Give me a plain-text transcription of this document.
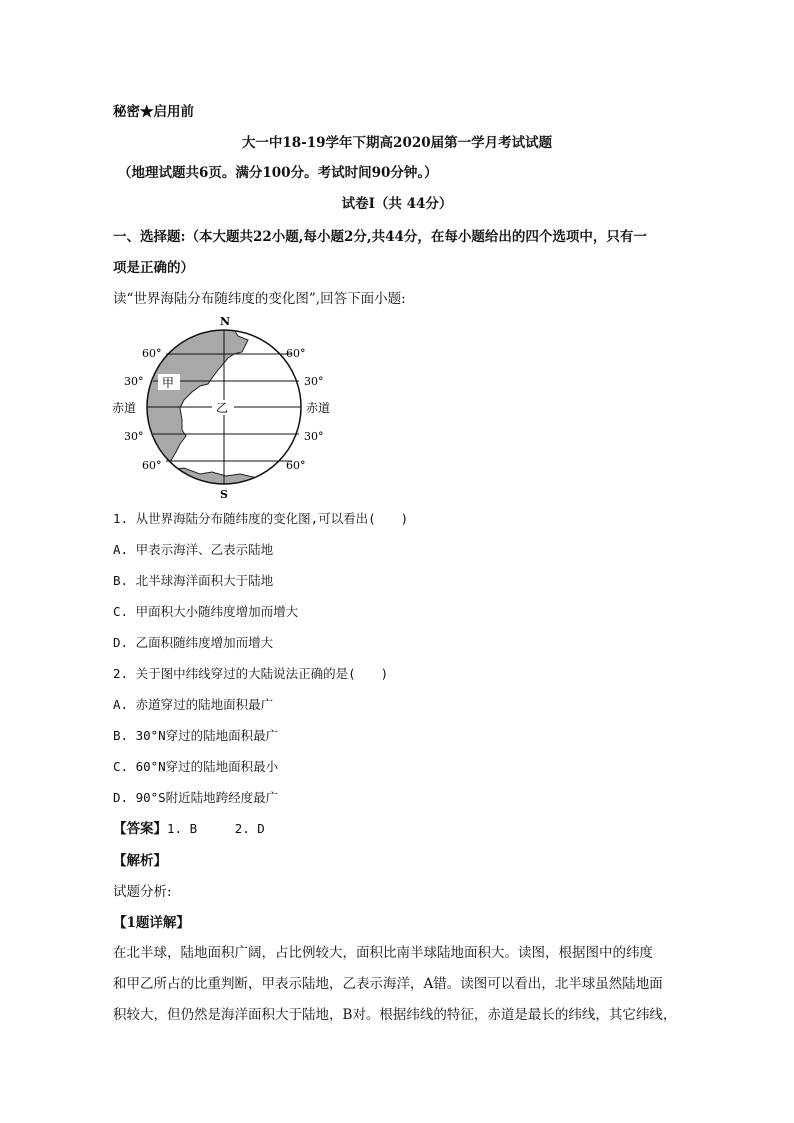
秘密★启用前
大一中18-19学年下期高2020届第一学月考试试题
（地理试题共6页。满分100分。考试时间90分钟。）
试卷Ⅰ（共 44分）
一、选择题:（本大题共22小题,每小题2分,共44分，在每小题给出的四个选项中，只有一
项是正确的）
读“世界海陆分布随纬度的变化图”,回答下面小题:
N
S
甲
乙
60°	60°
30°	30°
赤道	赤道
30°	30°
60°	60°
1. 从世界海陆分布随纬度的变化图,可以看出(　　)
A. 甲表示海洋、乙表示陆地
B. 北半球海洋面积大于陆地
C. 甲面积大小随纬度增加而增大
D. 乙面积随纬度增加而增大
2. 关于图中纬线穿过的大陆说法正确的是(　　)
A. 赤道穿过的陆地面积最广
B. 30°N穿过的陆地面积最广
C. 60°N穿过的陆地面积最小
D. 90°S附近陆地跨经度最广
【答案】1. B     2. D
【解析】
试题分析:
【1题详解】
在北半球，陆地面积广阔，占比例较大，面积比南半球陆地面积大。读图，根据图中的纬度
和甲乙所占的比重判断，甲表示陆地，乙表示海洋，A错。读图可以看出，北半球虽然陆地面
积较大，但仍然是海洋面积大于陆地，B对。根据纬线的特征，赤道是最长的纬线，其它纬线，
